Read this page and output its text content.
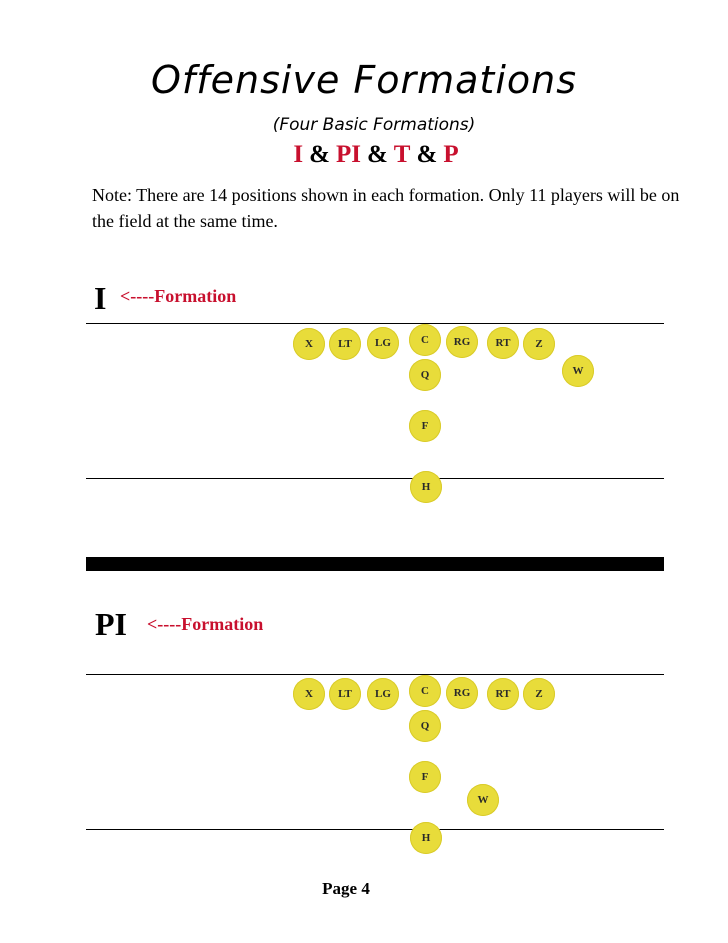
Offensive Formations
(Four Basic Formations)
I & PI & T & P
Note: There are 14 positions shown in each formation. Only 11 players will be on the field at the same time.
I <----Formation
X	LT	LG	C	RG	RT	Z
W
Q
F
H
PI <----Formation
X	LT	LG	C	RG	RT	Z
Q
F
W
H
Page 4
